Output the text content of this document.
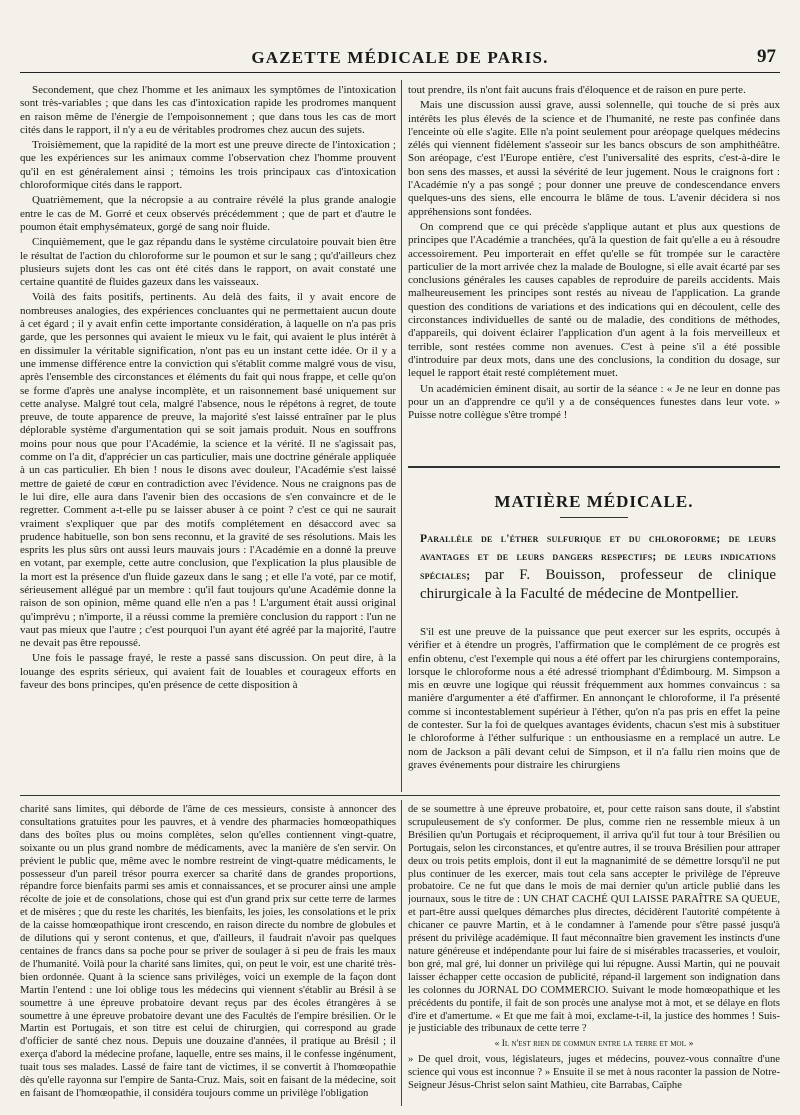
GAZETTE MÉDICALE DE PARIS.	97

Secondement, que chez l'homme et les animaux les symptômes de l'intoxication sont très-variables ; que dans les cas d'intoxication rapide les prodromes manquent en raison même de l'énergie de l'empoisonnement ; que dans tous les cas de mort cités dans le rapport, il n'y a eu de véritables prodromes chez aucun des sujets.

Troisièmement, que la rapidité de la mort est une preuve directe de l'intoxication ; que les expériences sur les animaux comme l'observation chez l'homme prouvent qu'il en est généralement ainsi ; témoins les trois principaux cas d'intoxication chloroformique cités dans le rapport.

Quatrièmement, que la nécropsie a au contraire révélé la plus grande analogie entre le cas de M. Gorré et ceux observés précédemment ; que de part et d'autre le poumon était emphysémateux, gorgé de sang noir fluide.

Cinquièmement, que le gaz répandu dans le système circulatoire pouvait bien être le résultat de l'action du chloroforme sur le poumon et sur le sang ; qu'd'ailleurs chez plusieurs sujets dont les cas ont été cités dans le rapport, on avait constaté une certaine quantité de fluides gazeux dans les vaisseaux.

Voilà des faits positifs, pertinents. Au delà des faits, il y avait encore de nombreuses analogies, des expériences concluantes qui ne permettaient aucun doute à cet égard ; il y avait enfin cette importante considération, à laquelle on n'a pas pris garde, que les personnes qui avaient le mieux vu le fait, qui avaient le plus intérêt à en dissimuler la véritable signification, n'ont pas eu un instant cette idée. Or il y a une immense différence entre la conviction qui s'établit comme malgré vous de visu, après l'ensemble des circonstances et éléments du fait qui nous frappe, et celle qu'on se forme d'après une analyse incomplète, et un raisonnement basé uniquement sur cette analyse. Malgré tout cela, malgré l'absence, nous le répétons à regret, de toute preuve, de toute apparence de preuve, la majorité s'est laissé entraîner par le plus déplorable système d'argumentation qui se soit jamais produit. Nous en souffrons moins pour nous que pour l'Académie, la science et la vérité. Il ne s'agissait pas, comme on l'a dit, d'apprécier un cas particulier, mais une doctrine générale appliquée à un cas particulier. Eh bien ! nous le disons avec douleur, l'Académie s'est laissé mettre de gaieté de cœur en contradiction avec l'évidence. Nous ne craignons pas de le lui dire, elle aura dans l'avenir bien des occasions de s'en convaincre et de le regretter. Comment a-t-elle pu se laisser abuser à ce point ? c'est ce qui ne saurait vraiment s'expliquer que par des motifs complétement en désaccord avec sa prudence habituelle, son bon sens reconnu, et la gravité de ses résolutions. Mais les esprits les plus sûrs ont aussi leurs mauvais jours : l'Académie en a donné la preuve en votant, par exemple, cette autre conclusion, que l'explication la plus plausible de la mort est la présence d'un fluide gazeux dans le sang ; et elle l'a voté, par ce motif, sérieusement allégué par un membre : qu'il faut toujours qu'une Académie donne la raison de son opinion, même quand elle n'en a pas ! L'argument était aussi original qu'imprévu ; n'importe, il a réussi comme la première conclusion du rapport : l'un ne vaut pas mieux que l'autre ; c'est pourquoi l'un ayant été agréé par la majorité, l'autre ne devait pas être repoussé.

Une fois le passage frayé, le reste a passé sans discussion. On peut dire, à la louange des esprits sérieux, qui avaient fait de louables et courageux efforts en faveur des bons principes, qu'en présence de cette disposition à

tout prendre, ils n'ont fait aucuns frais d'éloquence et de raison en pure perte.

Mais une discussion aussi grave, aussi solennelle, qui touche de si près aux intérêts les plus élevés de la science et de l'humanité, ne reste pas confinée dans l'enceinte où elle s'agite. Elle n'a point seulement pour aréopage quelques médecins zélés qui viennent fidèlement s'asseoir sur les bancs obscurs de son amphithéâtre. Son aréopage, c'est l'Europe entière, c'est l'universalité des esprits, c'est-à-dire le bon sens des masses, et aussi la sévérité de leur jugement. Nous le craignons fort : l'Académie n'y a pas songé ; pour donner une preuve de condescendance envers quelques-uns des siens, elle encourra le blâme de tous. L'avenir décidera si nos appréhensions sont fondées.

On comprend que ce qui précède s'applique autant et plus aux questions de principes que l'Académie a tranchées, qu'à la question de fait qu'elle a eu à résoudre accessoirement. Peu importerait en effet qu'elle se fût trompée sur le caractère particulier de la mort arrivée chez la malade de Boulogne, si elle avait écarté par ses conclusions générales les causes capables de reproduire de pareils accidents. Mais malheureusement les principes sont restés au niveau de l'application. La grande question des conditions de variations et des indications qui en découlent, celle des circonstances individuelles de santé ou de maladie, des conditions de méthodes, d'appareils, qui doivent éclairer l'application d'un agent à la fois merveilleux et terrible, sont restées comme non avenues. C'est à peine s'il a été possible d'introduire par deux mots, dans une des conclusions, la condition du dosage, sur lequel le rapport était resté complétement muet.

Un académicien éminent disait, au sortir de la séance : « Je ne leur en donne pas pour un an d'apprendre ce qu'il y a de conséquences funestes dans leur vote. » Puisse notre collègue s'être trompé !

MATIÈRE MÉDICALE.
Parallèle de l'éther sulfurique et du chloroforme; de leurs avantages et de leurs dangers respectifs; de leurs indications spéciales; par F. Bouisson, professeur de clinique chirurgicale à la Faculté de médecine de Montpellier.

S'il est une preuve de la puissance que peut exercer sur les esprits, occupés à vérifier et à étendre un progrès, l'affirmation que le complément de ce progrès est enfin obtenu, c'est l'exemple qui nous a été offert par les chirurgiens contemporains, lorsque le chloroforme nous a été adressé triomphant d'Édimbourg. M. Simpson a mis en œuvre une logique qui réussit fréquemment aux hommes convaincus : sa manière d'argumenter a été d'affirmer. En annonçant le chloroforme, il l'a présenté comme si incontestablement supérieur à l'éther, qu'on n'a pas pris en effet la peine de contester. Sur la foi de quelques avantages évidents, chacun s'est mis à substituer le chloroforme à l'éther sulfurique : un enthousiasme en a remplacé un autre. Le nom de Jackson a pâli devant celui de Simpson, et il n'a fallu rien moins que de graves événements pour distraire les chirurgiens

charité sans limites, qui déborde de l'âme de ces messieurs, consiste à annoncer des consultations gratuites pour les pauvres, et à vendre des pharmacies homœopathiques dans des boîtes plus ou moins complètes, selon qu'elles contiennent vingt-quatre, soixante ou un plus grand nombre de médicaments, avec la manière de s'en servir. On prévient le public que, même avec le nombre restreint de vingt-quatre médicaments, le possesseur d'un pareil trésor pourra exercer sa charité dans de grandes proportions, répandre force bienfaits parmi ses amis et connaissances, et se procurer ainsi une ample récolte de joie et de consolations, chose qui est d'un grand prix sur cette terre de larmes et de misères ; que du reste les charités, les bienfaits, les joies, les consolations et le prix de la caisse homœopathique iront crescendo, en raison directe du nombre de globules et de dilutions qui y seront contenus, et que, d'ailleurs, il faudrait n'avoir pas quelques centaines de francs dans sa poche pour se priver de soulager à si peu de frais les maux de l'humanité. Voilà pour la charité sans limites, qui, on peut le voir, est une charité très-bien ordonnée. Quant à la science sans privilèges, voici un exemple de la façon dont Martin l'entend : une loi oblige tous les médecins qui viennent s'établir au Brésil à se soumettre à une épreuve probatoire devant reçus par des écoles étrangères à se soumettre à une épreuve probatoire devant une des Facultés de l'empire brésilien. Or le Martin est Portugais, et son titre est celui de chirurgien, qui correspond au grade d'officier de santé chez nous. Depuis une douzaine d'années, il pratique au Brésil ; il exerça d'abord la médecine profane, laquelle, entre ses mains, il le confesse ingénument, tuait tous ses malades. Lassé de faire tant de victimes, il se convertit à l'homœopathie dès qu'elle rayonna sur l'empire de Santa-Cruz. Mais, soit en faisant de la médecine, soit en faisant de l'homœopathie, il considéra toujours comme un privilège l'obligation

de se soumettre à une épreuve probatoire, et, pour cette raison sans doute, il s'abstint scrupuleusement de s'y conformer. De plus, comme rien ne ressemble mieux à un Brésilien qu'un Portugais et réciproquement, il arriva qu'il fut tour à tour Brésilien ou Portugais, selon les circonstances, et qu'entre autres, il se trouva Brésilien pour attraper deux ou trois petits emplois, dont il eut la magnanimité de se démettre lorsqu'il ne put plus continuer de les exercer, mais tout cela sans accepter le privilège de l'épreuve probatoire. Ce ne fut que dans le mois de mai dernier qu'un article publié dans les journaux, sous le titre de : UN CHAT CACHÉ QUI LAISSE PARAÎTRE SA QUEUE, et part-être aussi quelques démarches plus directes, décidèrent l'autorité compétente à chicaner ce pauvre Martin, et à le condamner à l'amende pour s'être passé jusqu'à présent du privilège académique. Il faut méconnaître bien gravement les instincts d'une nature généreuse et indépendante pour lui faire de si misérables tracasseries, et vouloir, bon gré, mal gré, lui donner un privilège qui lui répugne. Aussi Martin, qui ne pouvait laisser échapper cette occasion de publicité, répand-il largement son indignation dans les colonnes du JORNAL DO COMMERCIO. Suivant le mode homœopathique et les précédents du pontife, il fait de son procès une analyse mot à mot, et se délaye en flots d'ire et d'amertume. « Et que me fait à moi, exclame-t-il, la justice des hommes ! Suis-je justiciable des tribunaux de cette terre ?

« Il n'est rien de commun entre la terre et moi. »

» De quel droit, vous, législateurs, juges et médecins, pouvez-vous connaître d'une science qui vous est inconnue ? » Ensuite il se met à nous raconter la passion de Notre-Seigneur Jésus-Christ selon saint Mathieu, cite Barrabas, Caïphe
